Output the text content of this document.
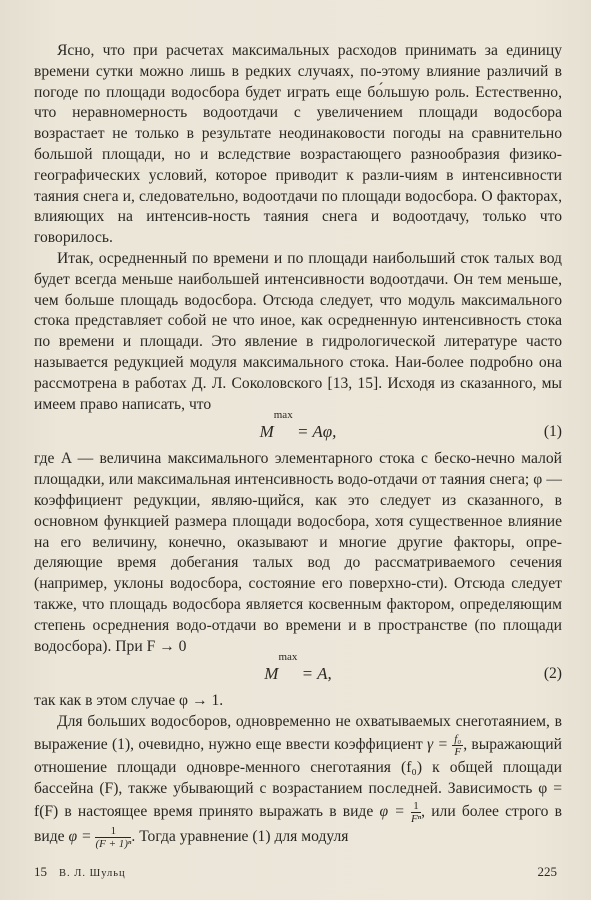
Ясно, что при расчетах максимальных расходов принимать за единицу времени сутки можно лишь в редких случаях, по-этому влияние различий в погоде по площади водосбора будет играть еще бо́льшую роль. Естественно, что неравномерность водоотдачи с увеличением площади водосбора возрастает не только в результате неодинаковости погоды на сравнительно большой площади, но и вследствие возрастающего разнообразия физико-географических условий, которое приводит к разли-чиям в интенсивности таяния снега и, следовательно, водоотдачи по площади водосбора. О факторах, влияющих на интенсив-ность таяния снега и водоотдачу, только что говорилось.

Итак, осредненный по времени и по площади наибольший сток талых вод будет всегда меньше наибольшей интенсивности водоотдачи. Он тем меньше, чем больше площадь водосбора. Отсюда следует, что модуль максимального стока представляет собой не что иное, как осредненную интенсивность стока по времени и площади. Это явление в гидрологической литературе часто называется редукцией модуля максимального стока. Наи-более подробно она рассмотрена в работах Д. Л. Соколовского [13, 15]. Исходя из сказанного, мы имеем право написать, что

M
max

= Aφ,	(1)

где A — величина максимального элементарного стока с беско-нечно малой площадки, или максимальная интенсивность водо-отдачи от таяния снега; φ — коэффициент редукции, являю-щийся, как это следует из сказанного, в основном функцией размера площади водосбора, хотя существенное влияние на его величину, конечно, оказывают и многие другие факторы, опре-деляющие время добегания талых вод до рассматриваемого сечения (например, уклоны водосбора, состояние его поверхно-сти). Отсюда следует также, что площадь водосбора является косвенным фактором, определяющим степень осреднения водо-отдачи во времени и в пространстве (по площади водосбора). При F → 0

M
max

= A,	(2)

так как в этом случае φ → 1.

Для больших водосборов, одновременно не охватываемых снеготаянием, в выражение (1), очевидно, нужно еще ввести коэффициент $\gamma = \frac{\text{f₀}}{F}$ , выражающий отношение площади одновре-менного снеготаяния (f₀) к общей площади бассейна (F), также убывающий с возрастанием последней. Зависимость φ = f(F) в настоящее время принято выражать в виде $\varphi = \frac{1}{\text{Fⁿ}}$ , или более строго в виде $\varphi = \frac{1}{\text{(F + 1)ⁿ}}$ . Тогда уравнение (1) для модуля

15 В. Л. Шульц	225
